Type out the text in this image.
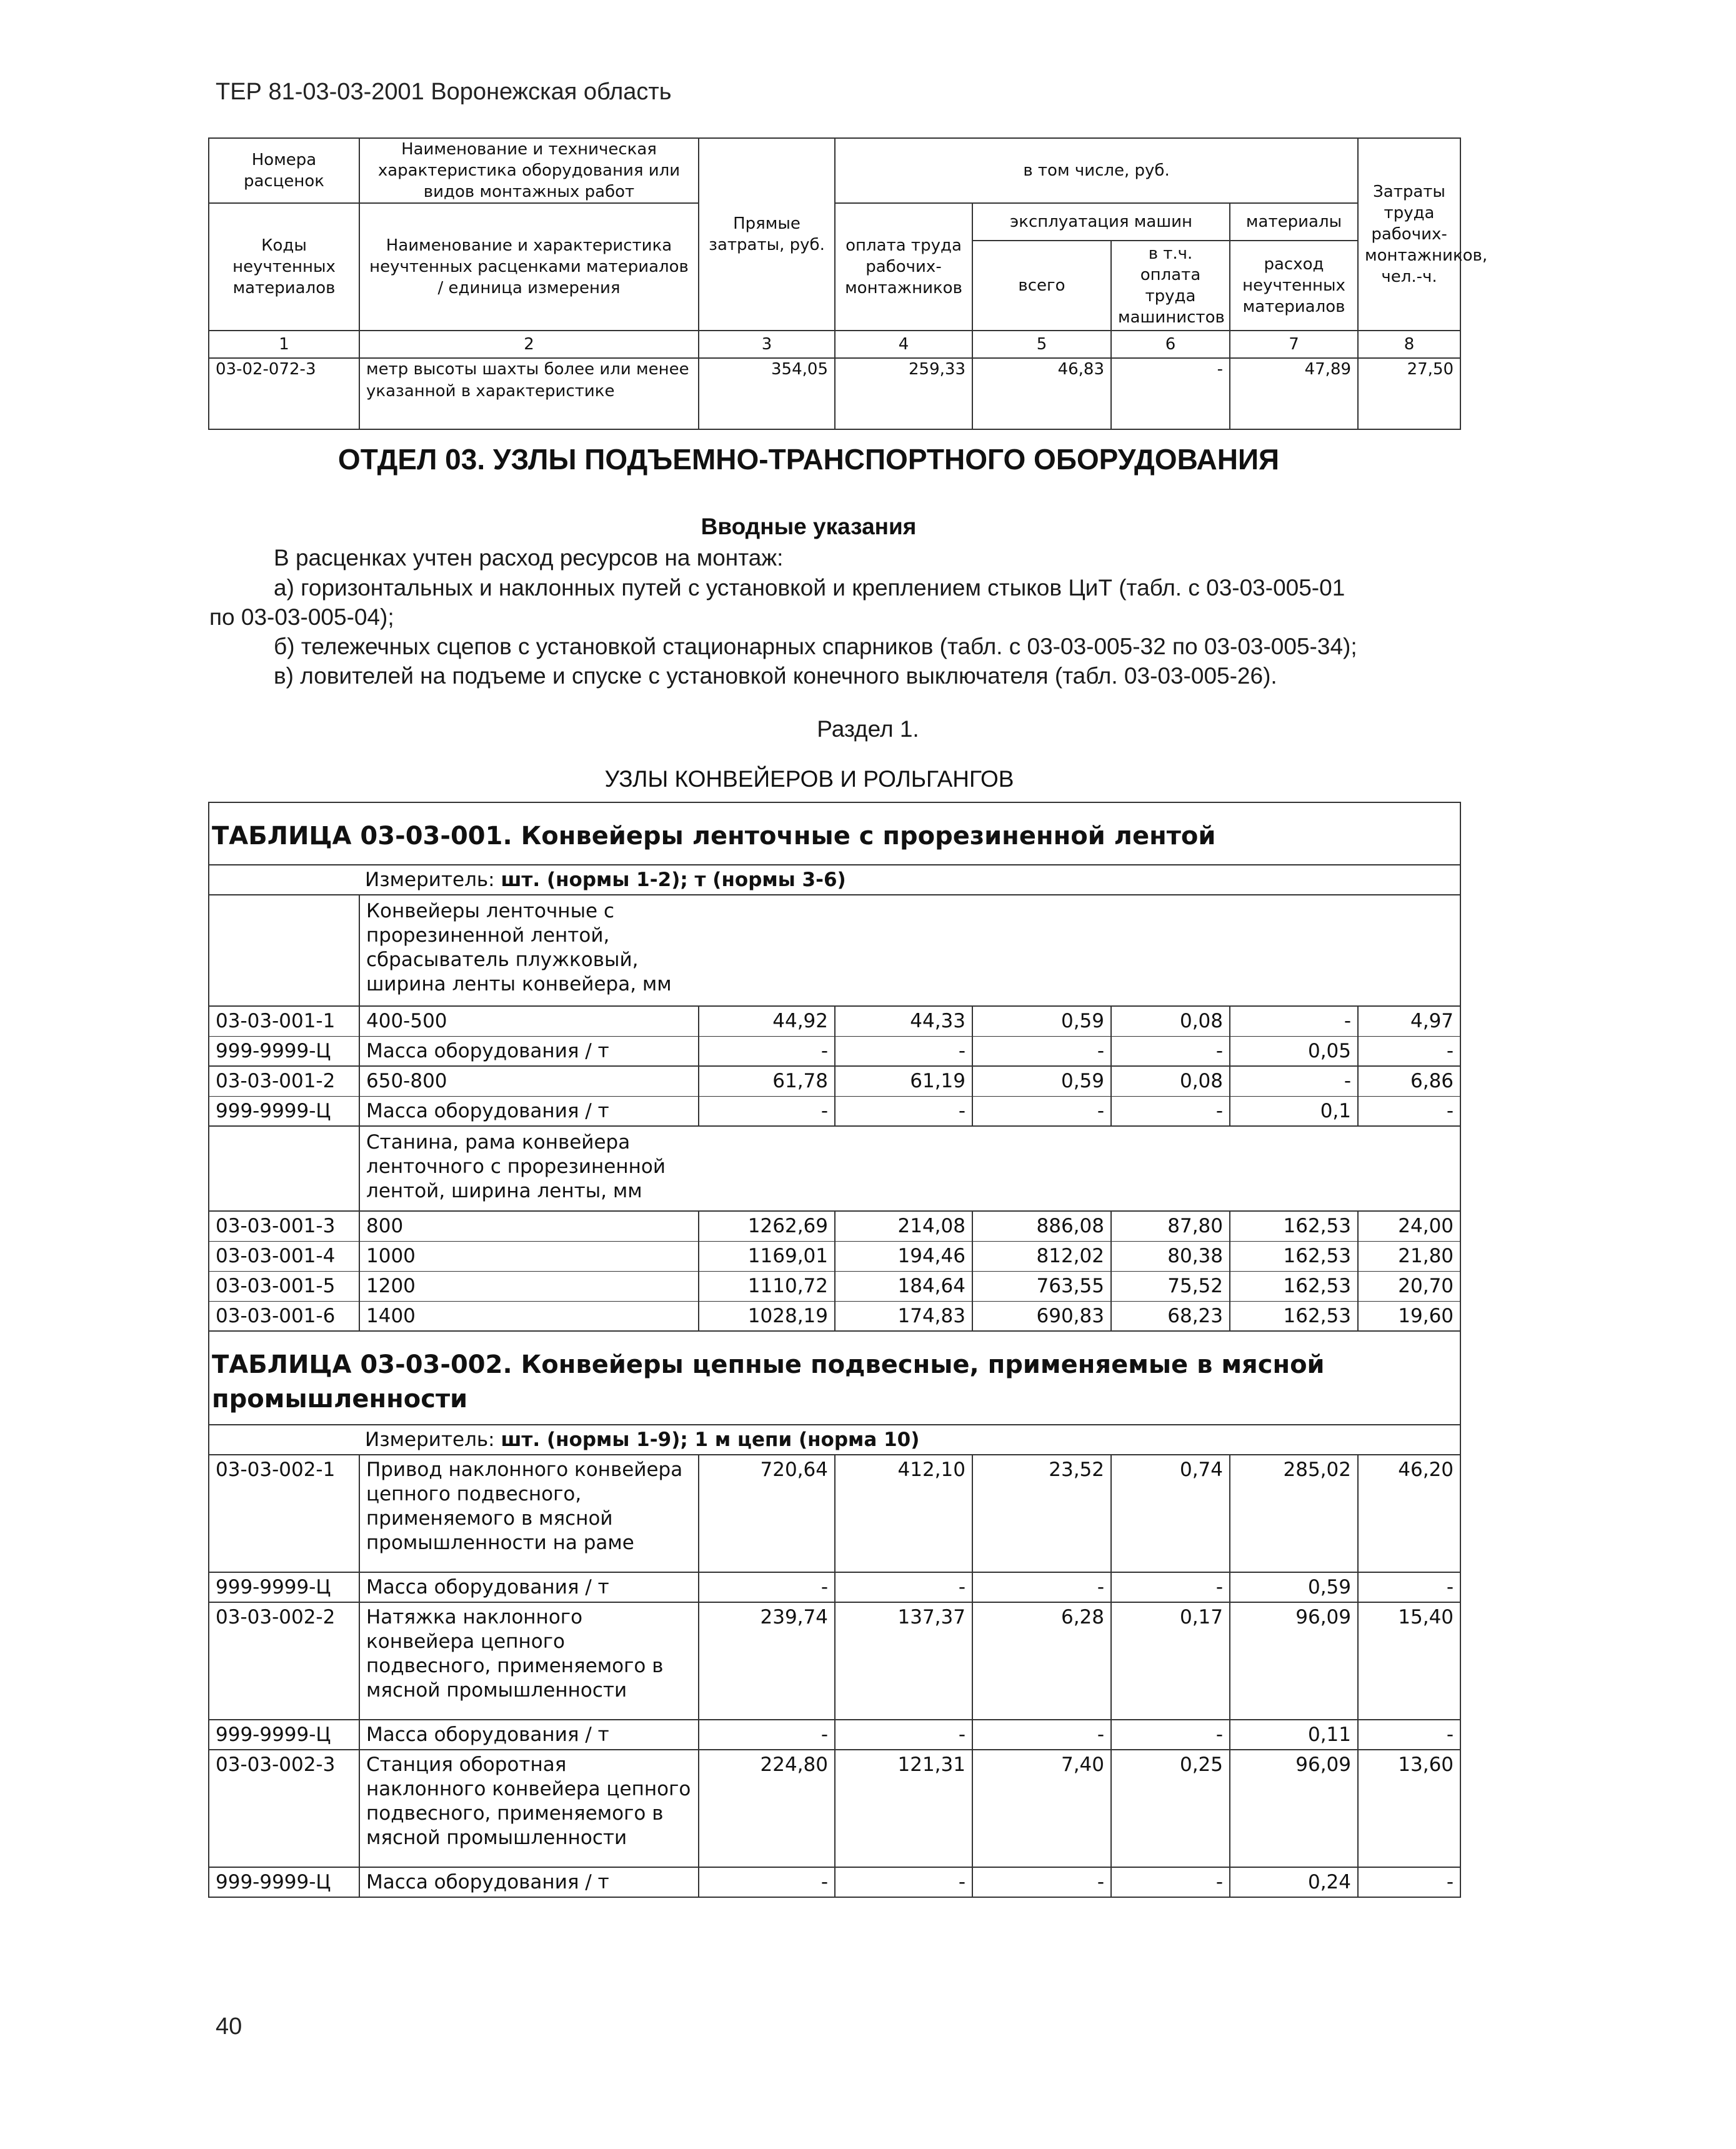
ТЕР 81-03-03-2001 Воронежская область
Номера расценок	Наименование и техническая характеристика оборудования или видов монтажных работ	Прямые затраты, руб.	в том числе, руб.				Затраты труда рабочих-монтажников, чел.-ч.
Коды неучтенных материалов	Наименование и характеристика неучтенных расценками материалов / единица измерения		оплата труда рабочих-монтажников	эксплуатация машин		материалы	
				всего	в т.ч. оплата труда машинистов	расход неучтенных материалов	
1	2	3	4	5	6	7	8
03-02-072-3	метр высоты шахты более или менее указанной в характеристике	354,05	259,33	46,83	-	47,89	27,50
ОТДЕЛ 03. УЗЛЫ ПОДЪЕМНО-ТРАНСПОРТНОГО ОБОРУДОВАНИЯ
Вводные указания
В расценках учтен расход ресурсов на монтаж:
а) горизонтальных и наклонных путей с установкой и креплением стыков ЦиТ (табл. с 03-03-005-01
по 03-03-005-04);
б) тележечных сцепов с установкой стационарных спарников (табл. с 03-03-005-32 по 03-03-005-34);
в) ловителей на подъеме и спуске с установкой конечного выключателя (табл. 03-03-005-26).
Раздел 1.
УЗЛЫ КОНВЕЙЕРОВ И РОЛЬГАНГОВ
ТАБЛИЦА 03-03-001. Конвейеры ленточные с прорезиненной лентой							
Измеритель: шт. (нормы 1-2); т (нормы 3-6)							

	Конвейеры ленточные с прорезиненной лентой, сбрасыватель плужковый, ширина ленты конвейера, мм						

03-03-001-1	400-500	44,92	44,33	0,59	0,08	-	4,97
999-9999-Ц	Масса оборудования / т	-	-	-	-	0,05	-
03-03-001-2	650-800	61,78	61,19	0,59	0,08	-	6,86
999-9999-Ц	Масса оборудования / т	-	-	-	-	0,1	-

	Станина, рама конвейера ленточного с прорезиненной лентой, ширина ленты, мм						

03-03-001-3	800	1262,69	214,08	886,08	87,80	162,53	24,00
03-03-001-4	1000	1169,01	194,46	812,02	80,38	162,53	21,80
03-03-001-5	1200	1110,72	184,64	763,55	75,52	162,53	20,70
03-03-001-6	1400	1028,19	174,83	690,83	68,23	162,53	19,60

ТАБЛИЦА 03-03-002. Конвейеры цепные подвесные, применяемые в мясной промышленности							

Измеритель: шт. (нормы 1-9); 1 м цепи (норма 10)							
03-03-002-1	Привод наклонного конвейера цепного подвесного, применяемого в мясной промышленности на раме	720,64	412,10	23,52	0,74	285,02	46,20
999-9999-Ц	Масса оборудования / т	-	-	-	-	0,59	-
03-03-002-2	Натяжка наклонного конвейера цепного подвесного, применяемого в мясной промышленности	239,74	137,37	6,28	0,17	96,09	15,40
999-9999-Ц	Масса оборудования / т	-	-	-	-	0,11	-
03-03-002-3	Станция оборотная наклонного конвейера цепного подвесного, применяемого в мясной промышленности	224,80	121,31	7,40	0,25	96,09	13,60
999-9999-Ц	Масса оборудования / т	-	-	-	-	0,24	-
40
